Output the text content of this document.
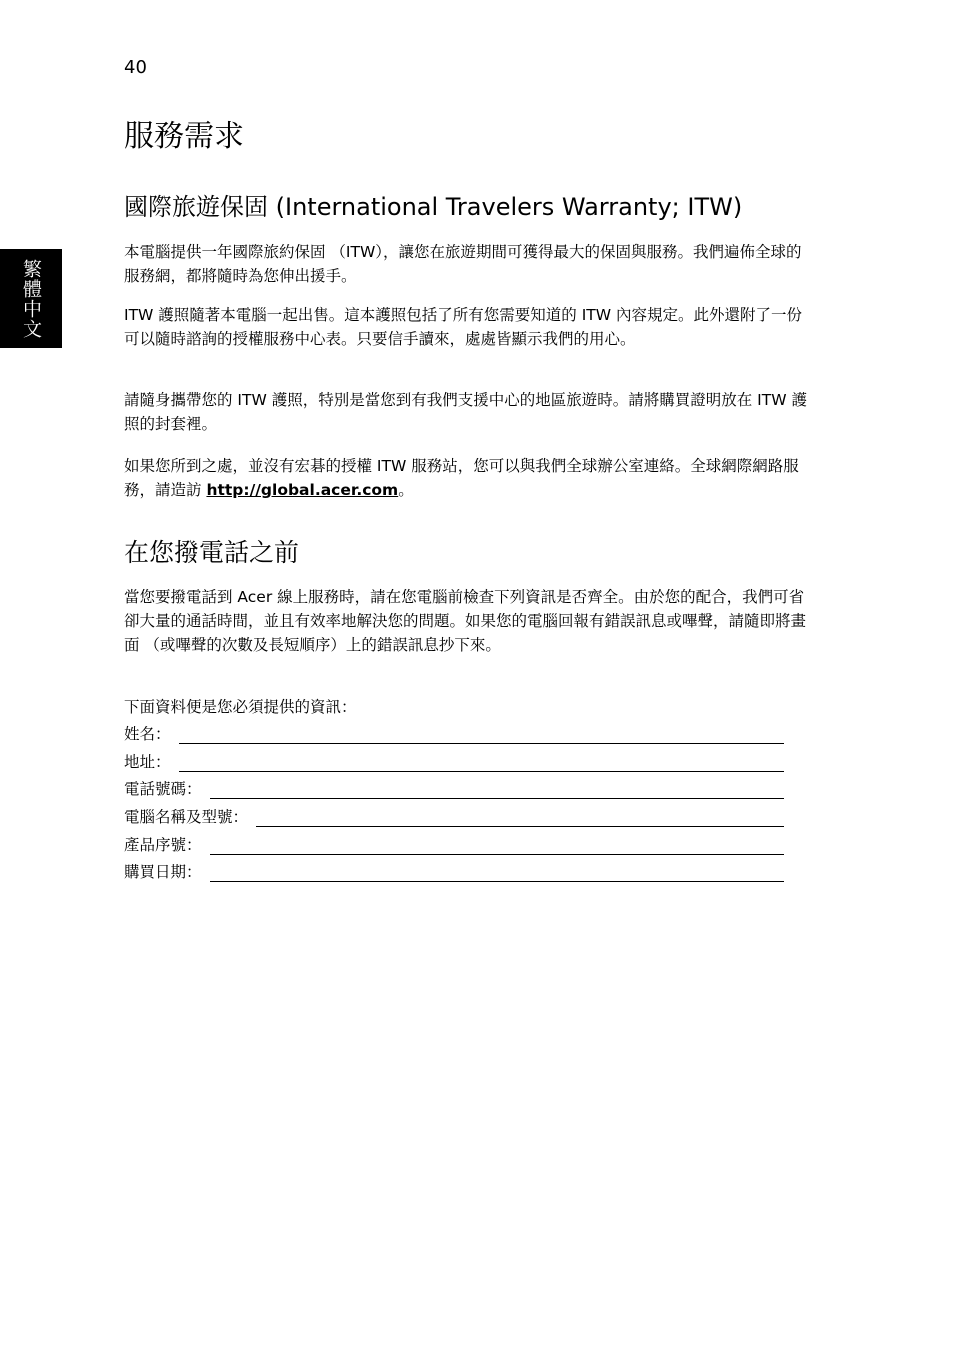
40
繁體中文
服務需求
國際旅遊保固 (International Travelers Warranty; ITW)

本電腦提供一年國際旅約保固 （ITW），讓您在旅遊期間可獲得最大的保固與服務。我們遍佈全球的服務網，都將隨時為您伸出援手。

ITW 護照隨著本電腦一起出售。這本護照包括了所有您需要知道的 ITW 內容規定。此外還附了一份可以隨時諮詢的授權服務中心表。只要信手讀來，處處皆顯示我們的用心。

請隨身攜帶您的 ITW 護照，特別是當您到有我們支援中心的地區旅遊時。請將購買證明放在 ITW 護照的封套裡。

如果您所到之處，並沒有宏碁的授權 ITW 服務站，您可以與我們全球辦公室連絡。全球網際網路服務，請造訪 http://global.acer.com。

在您撥電話之前

當您要撥電話到 Acer 線上服務時，請在您電腦前檢查下列資訊是否齊全。由於您的配合，我們可省卻大量的通話時間，並且有效率地解決您的問題。如果您的電腦回報有錯誤訊息或嗶聲，請隨即將畫面 （或嗶聲的次數及長短順序）上的錯誤訊息抄下來。

下面資料便是您必須提供的資訊：

姓名：
地址：
電話號碼：
電腦名稱及型號：
產品序號：
購買日期：
